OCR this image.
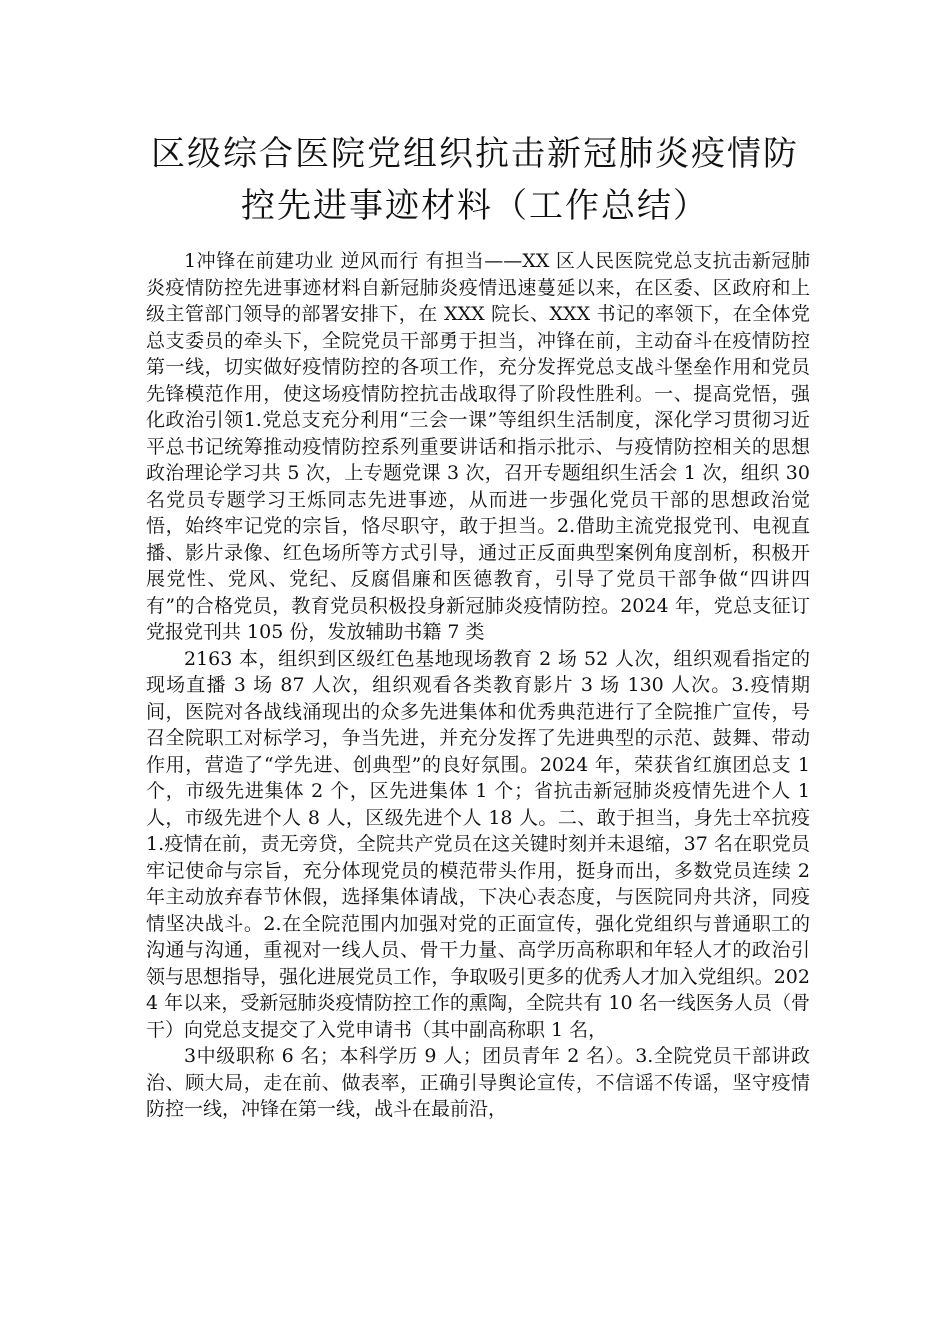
区级综合医院党组织抗击新冠肺炎疫情防
控先进事迹材料（工作总结）

1冲锋在前建功业 逆风而行 有担当——XX 区人民医院党总支抗击新冠肺炎疫情防控先进事迹材料自新冠肺炎疫情迅速蔓延以来，在区委、区政府和上级主管部门领导的部署安排下，在 XXX 院长、XXX 书记的率领下，在全体党总支委员的牵头下，全院党员干部勇于担当，冲锋在前，主动奋斗在疫情防控第一线，切实做好疫情防控的各项工作，充分发挥党总支战斗堡垒作用和党员先锋模范作用，使这场疫情防控抗击战取得了阶段性胜利。一、提高党悟，强化政治引领1.党总支充分利用“三会一课”等组织生活制度，深化学习贯彻习近平总书记统筹推动疫情防控系列重要讲话和指示批示、与疫情防控相关的思想政治理论学习共 5 次，上专题党课 3 次，召开专题组织生活会 1 次，组织 30 名党员专题学习王烁同志先进事迹，从而进一步强化党员干部的思想政治觉悟，始终牢记党的宗旨，恪尽职守，敢于担当。2.借助主流党报党刊、电视直播、影片录像、红色场所等方式引导，通过正反面典型案例角度剖析，积极开展党性、党风、党纪、反腐倡廉和医德教育，引导了党员干部争做“四讲四有”的合格党员，教育党员积极投身新冠肺炎疫情防控。2024 年，党总支征订党报党刊共 105 份，发放辅助书籍 7 类

2163 本，组织到区级红色基地现场教育 2 场 52 人次，组织观看指定的现场直播 3 场 87 人次，组织观看各类教育影片 3 场 130 人次。3.疫情期间，医院对各战线涌现出的众多先进集体和优秀典范进行了全院推广宣传，号召全院职工对标学习，争当先进，并充分发挥了先进典型的示范、鼓舞、带动作用，营造了“学先进、创典型”的良好氛围。2024 年，荣获省红旗团总支 1 个，市级先进集体 2 个，区先进集体 1 个；省抗击新冠肺炎疫情先进个人 1 人，市级先进个人 8 人，区级先进个人 18 人。二、敢于担当，身先士卒抗疫1.疫情在前，责无旁贷，全院共产党员在这关键时刻并未退缩，37 名在职党员牢记使命与宗旨，充分体现党员的模范带头作用，挺身而出，多数党员连续 2 年主动放弃春节休假，选择集体请战，下决心表态度，与医院同舟共济，同疫情坚决战斗。2.在全院范围内加强对党的正面宣传，强化党组织与普通职工的沟通与沟通，重视对一线人员、骨干力量、高学历高称职和年轻人才的政治引领与思想指导，强化进展党员工作，争取吸引更多的优秀人才加入党组织。2024 年以来，受新冠肺炎疫情防控工作的熏陶，全院共有 10 名一线医务人员（骨干）向党总支提交了入党申请书（其中副高称职 1 名，

3中级职称 6 名；本科学历 9 人；团员青年 2 名）。3.全院党员干部讲政治、顾大局，走在前、做表率，正确引导舆论宣传，不信谣不传谣，坚守疫情防控一线，冲锋在第一线，战斗在最前沿，
